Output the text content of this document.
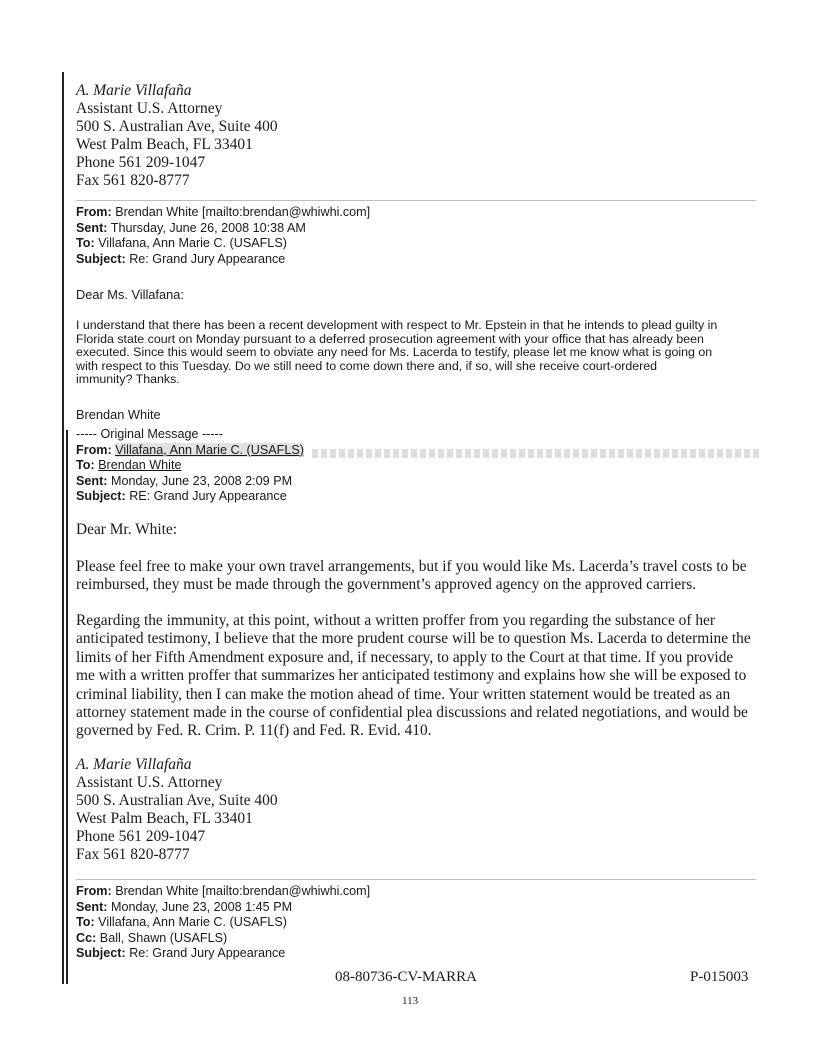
A. Marie Villafaña
Assistant U.S. Attorney
500 S. Australian Ave, Suite 400
West Palm Beach, FL 33401
Phone 561 209-1047
Fax 561 820-8777
From: Brendan White [mailto:brendan@whiwhi.com]
Sent: Thursday, June 26, 2008 10:38 AM
To: Villafana, Ann Marie C. (USAFLS)
Subject: Re: Grand Jury Appearance
Dear Ms. Villafana:
I understand that there has been a recent development with respect to Mr. Epstein in that he intends to plead guilty in
Florida state court on Monday pursuant to a deferred prosecution agreement with your office that has already been
executed. Since this would seem to obviate any need for Ms. Lacerda to testify, please let me know what is going on
with respect to this Tuesday. Do we still need to come down there and, if so, will she receive court-ordered
immunity? Thanks.
Brendan White
----- Original Message -----
From: Villafana, Ann Marie C. (USAFLS)
To: Brendan White
Sent: Monday, June 23, 2008 2:09 PM
Subject: RE: Grand Jury Appearance
Dear Mr. White:
Please feel free to make your own travel arrangements, but if you would like Ms. Lacerda’s travel costs to be
reimbursed, they must be made through the government’s approved agency on the approved carriers.
Regarding the immunity, at this point, without a written proffer from you regarding the substance of her
anticipated testimony, I believe that the more prudent course will be to question Ms. Lacerda to determine the
limits of her Fifth Amendment exposure and, if necessary, to apply to the Court at that time. If you provide
me with a written proffer that summarizes her anticipated testimony and explains how she will be exposed to
criminal liability, then I can make the motion ahead of time. Your written statement would be treated as an
attorney statement made in the course of confidential plea discussions and related negotiations, and would be
governed by Fed. R. Crim. P. 11(f) and Fed. R. Evid. 410.
A. Marie Villafaña
Assistant U.S. Attorney
500 S. Australian Ave, Suite 400
West Palm Beach, FL 33401
Phone 561 209-1047
Fax 561 820-8777
From: Brendan White [mailto:brendan@whiwhi.com]
Sent: Monday, June 23, 2008 1:45 PM
To: Villafana, Ann Marie C. (USAFLS)
Cc: Ball, Shawn (USAFLS)
Subject: Re: Grand Jury Appearance
08-80736-CV-MARRA	P-015003
113
